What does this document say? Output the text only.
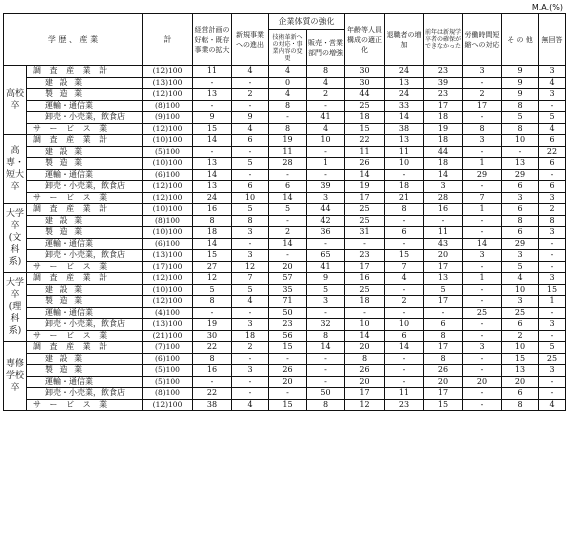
M.A.(%)
学 歴 、 産 業		計	経営計画の好転・既存事業の拡大	新規事業への進出	企業体質の強化		年齢等人員構成の適正化	退職者の増加	前年は新規学卒者の確保ができなかった	労働時間短縮への対応	そ の 他	無回答
					技術革新への対応・事業内容の変更	販売・営業部門の増強						
高校卒	調 査 産 業 計	(12)100	11	4	4	8	30	24	23	3	9	3
	建 設 業	(13)100	-	-	0	4	30	13	39	-	9	4
	製 造 業	(12)100	13	2	4	2	44	24	23	2	9	3
	運輸・通信業	(8)100	-	-	8	-	25	33	17	17	8	-
	卸売・小売業，飲食店	(9)100	9	9	-	41	18	14	18	-	5	5
	サ ー ビ ス 業	(12)100	15	4	8	4	15	38	19	8	8	4
高専・短大卒	調 査 産 業 計	(10)100	14	6	19	10	22	13	18	3	10	6
	建 設 業	(5)100	-	-	11	-	11	11	44	-	-	22
	製 造 業	(10)100	13	5	28	1	26	10	18	1	13	6
	運輸・通信業	(6)100	14	-	-	-	14	-	14	29	29	-
	卸売・小売業，飲食店	(12)100	13	6	6	39	19	18	3	-	6	6
	サ ー ビ ス 業	(12)100	24	10	14	3	17	21	28	7	3	3
大学卒(文科系)	調 査 産 業 計	(10)100	16	5	5	44	25	8	16	1	6	2
	建 設 業	(8)100	8	8	-	42	25	-	-	-	8	8
	製 造 業	(10)100	18	3	2	36	31	6	11	-	6	3
	運輸・通信業	(6)100	14	-	14	-	-	-	43	14	29	-
	卸売・小売業，飲食店	(13)100	15	3	-	65	23	15	20	3	3	-
	サ ー ビ ス 業	(17)100	27	12	20	41	17	7	17	-	5	-
大学卒(理科系)	調 査 産 業 計	(12)100	12	7	57	9	16	4	13	1	4	3
	建 設 業	(10)100	5	5	35	5	25	-	5	-	10	15
	製 造 業	(12)100	8	4	71	3	18	2	17	-	3	1
	運輸・通信業	(4)100	-	-	50	-	-	-	-	25	25	-
	卸売・小売業，飲食店	(13)100	19	3	23	32	10	10	6	-	6	3
	サ ー ビ ス 業	(21)100	30	18	56	8	14	6	8	-	2	-
専修学校卒	調 査 産 業 計	(7)100	22	2	15	14	20	14	17	3	10	5
	建 設 業	(6)100	8	-	-	-	8	-	8	-	15	25
	製 造 業	(5)100	16	3	26	-	26	-	26	-	13	3
	運輸・通信業	(5)100	-	-	20	-	20	-	20	20	20	-
	卸売・小売業，飲食店	(8)100	22	-	-	50	17	11	17	-	6	-
	サ ー ビ ス 業	(12)100	38	4	15	8	12	23	15	-	8	4
